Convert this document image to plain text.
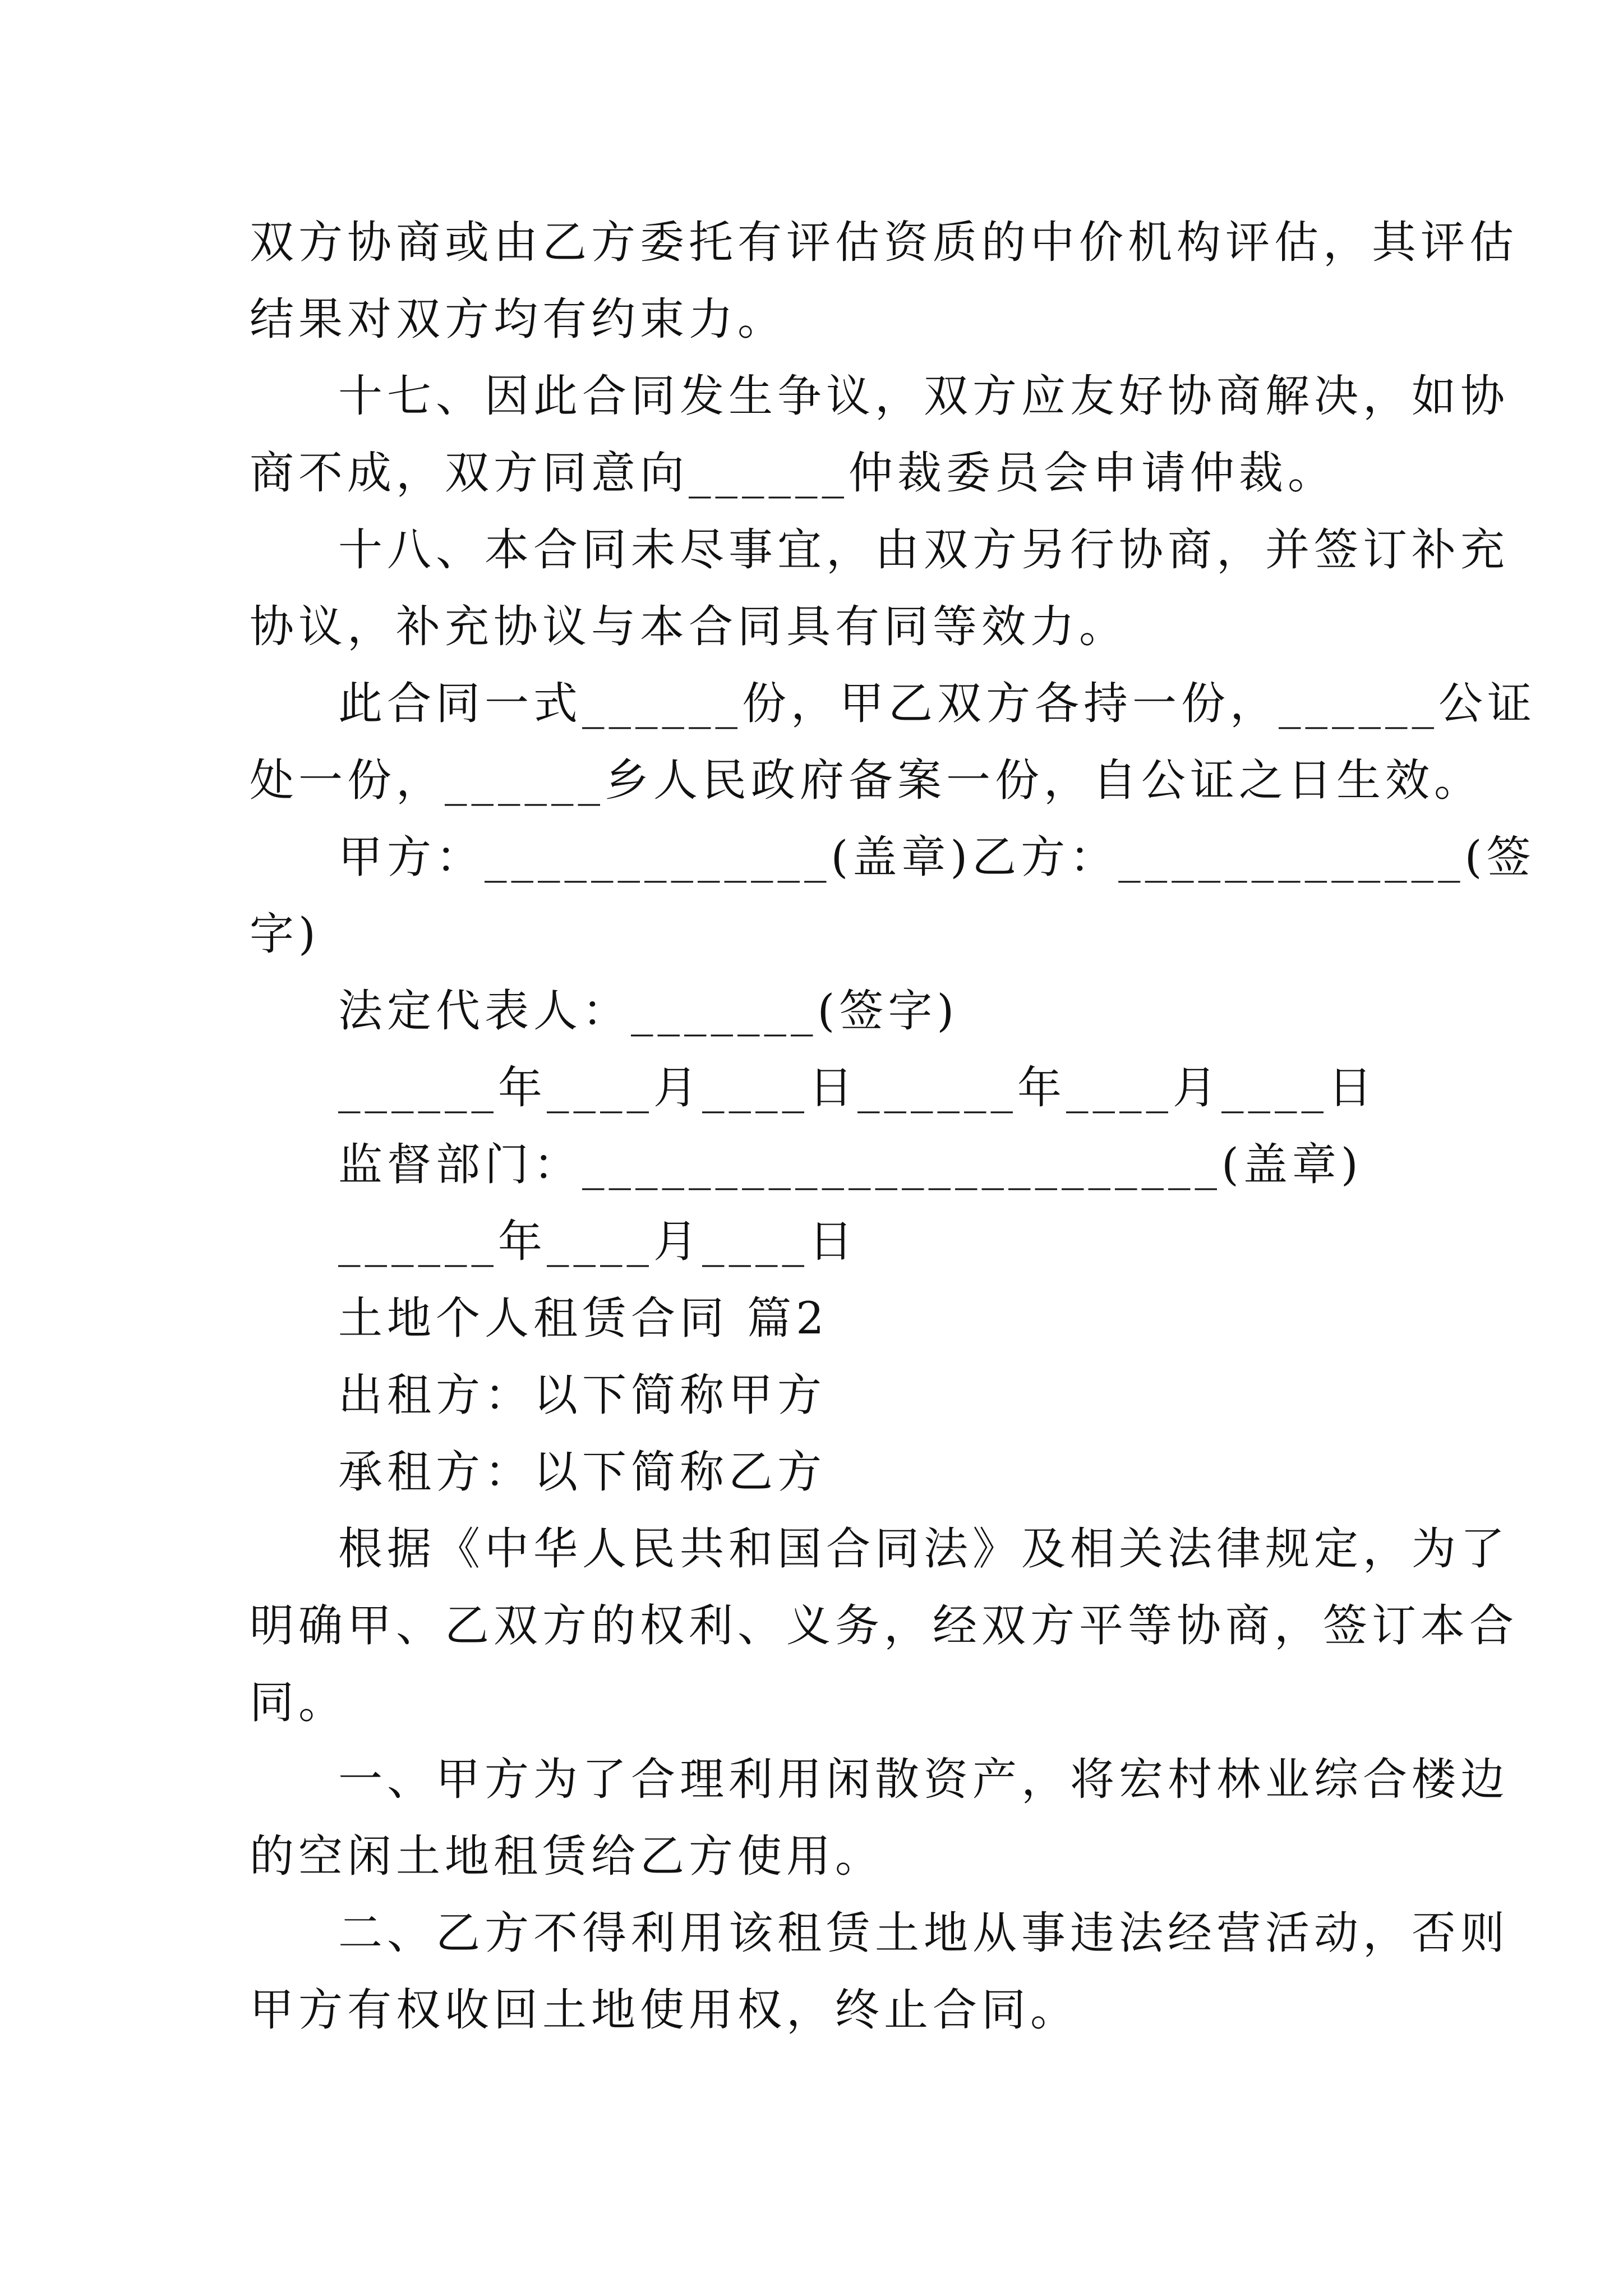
双方协商或由乙方委托有评估资质的中价机构评估，其评估
结果对双方均有约束力。
十七、因此合同发生争议，双方应友好协商解决，如协
商不成，双方同意向______仲裁委员会申请仲裁。
十八、本合同未尽事宜，由双方另行协商，并签订补充
协议，补充协议与本合同具有同等效力。
此合同一式______份，甲乙双方各持一份，______公证
处一份，______乡人民政府备案一份，自公证之日生效。
甲方：_____________(盖章)乙方：_____________(签
字)
法定代表人：_______(签字)
______年____月____日______年____月____日
监督部门：________________________(盖章)
______年____月____日
土地个人租赁合同 篇2
出租方：以下简称甲方
承租方：以下简称乙方
根据《中华人民共和国合同法》及相关法律规定，为了
明确甲、乙双方的权利、义务，经双方平等协商，签订本合
同。
一、甲方为了合理利用闲散资产，将宏村林业综合楼边
的空闲土地租赁给乙方使用。
二、乙方不得利用该租赁土地从事违法经营活动，否则
甲方有权收回土地使用权，终止合同。
